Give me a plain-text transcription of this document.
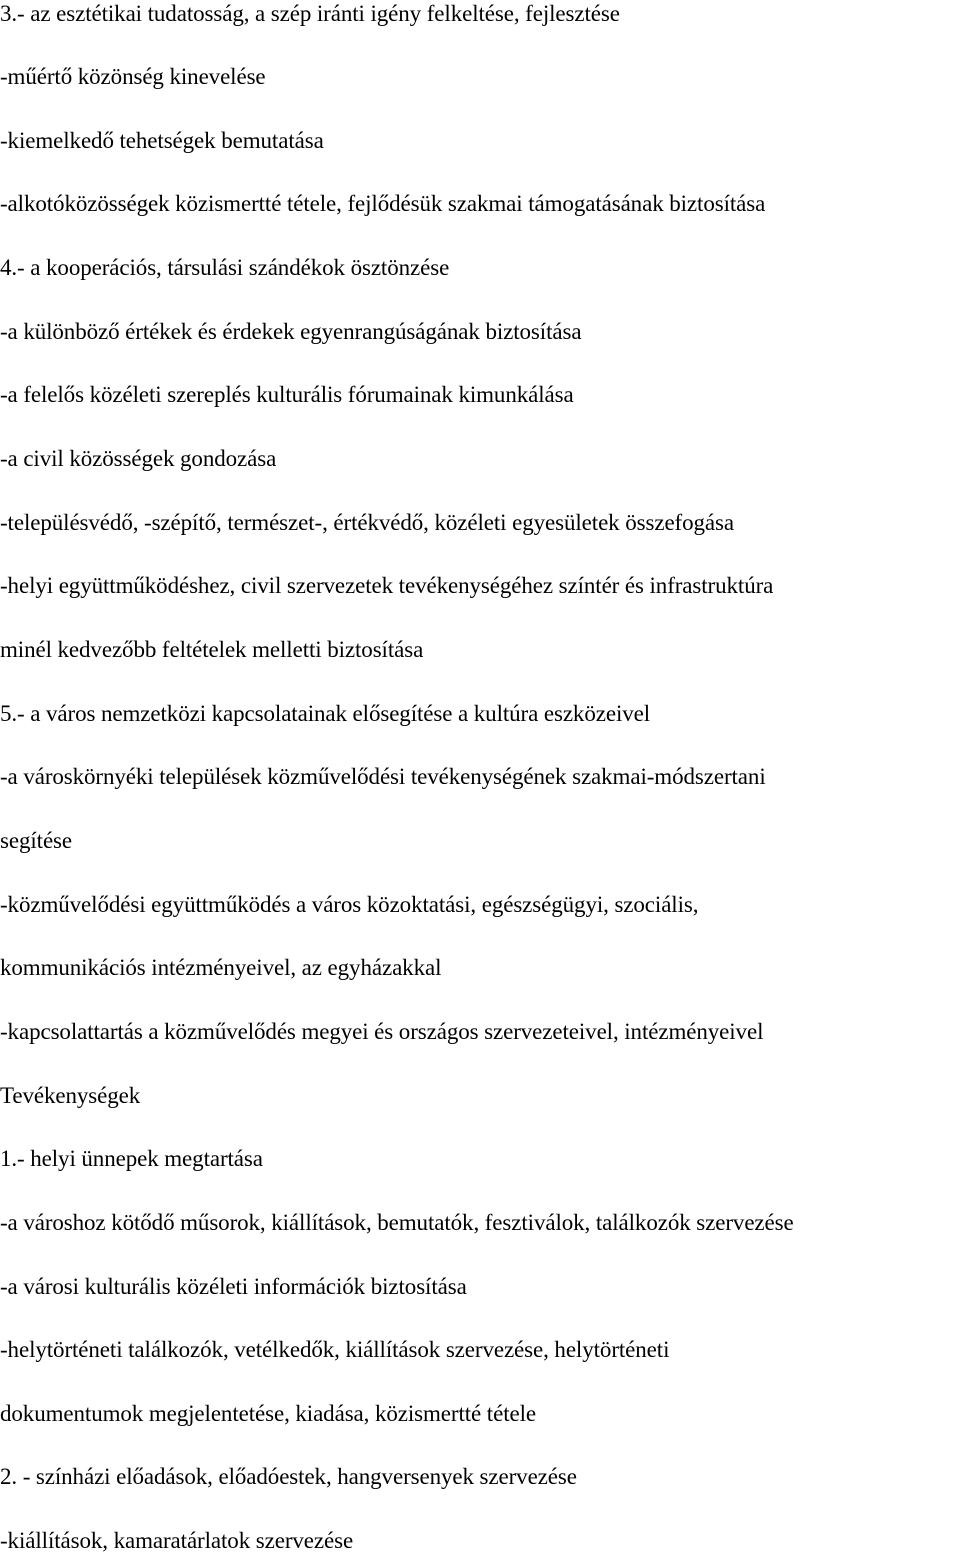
3.- az esztétikai tudatosság, a szép iránti igény felkeltése, fejlesztése
-műértő közönség kinevelése
-kiemelkedő tehetségek bemutatása
-alkotóközösségek közismertté tétele, fejlődésük szakmai támogatásának biztosítása
4.- a kooperációs, társulási szándékok ösztönzése
-a különböző értékek és érdekek egyenrangúságának biztosítása
-a felelős közéleti szereplés kulturális fórumainak kimunkálása
-a civil közösségek gondozása
-településvédő, -szépítő, természet-, értékvédő, közéleti egyesületek összefogása
-helyi együttműködéshez, civil szervezetek tevékenységéhez színtér és infrastruktúra
minél kedvezőbb feltételek melletti biztosítása
5.- a város nemzetközi kapcsolatainak elősegítése a kultúra eszközeivel
-a városkörnyéki települések közművelődési tevékenységének szakmai-módszertani
segítése
-közművelődési együttműködés a város közoktatási, egészségügyi, szociális,
kommunikációs intézményeivel, az egyházakkal
-kapcsolattartás a közművelődés megyei és országos szervezeteivel, intézményeivel
Tevékenységek
1.- helyi ünnepek megtartása
-a városhoz kötődő műsorok, kiállítások, bemutatók, fesztiválok, találkozók szervezése
-a városi kulturális közéleti információk biztosítása
-helytörténeti találkozók, vetélkedők, kiállítások szervezése, helytörténeti
dokumentumok megjelentetése, kiadása, közismertté tétele
2. - színházi előadások, előadóestek, hangversenyek szervezése
-kiállítások, kamaratárlatok szervezése
